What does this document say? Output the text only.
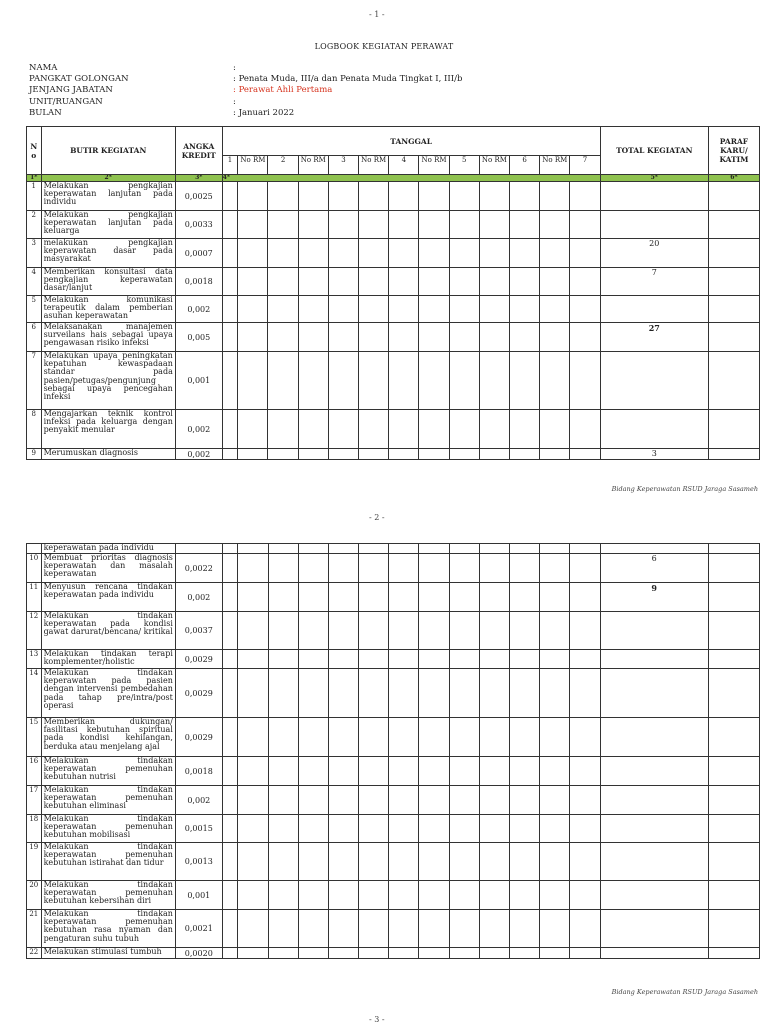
- 1 -
LOGBOOK KEGIATAN PERAWAT
NAMA	:
PANGKAT GOLONGAN	: Penata Muda, III/a dan Penata Muda Tingkat I, III/b
JENJANG JABATAN	: Perawat Ahli Pertama
UNIT/RUANGAN	:
BULAN	: Januari 2022
N o	BUTIR KEGIATAN	ANGKA KREDIT	TANGGAL													TOTAL KEGIATAN	PARAF KARU/ KATIM
			1	No RM	2	No RM	3	No RM	4	No RM	5	No RM	6	No RM	7		
1*	2*	3*	4*													5*	6*
1	Melakukan pengkajian keperawatan lanjutan pada individu	0,0025															
2	Melakukan pengkajian keperawatan lanjutan pada keluarga	0,0033															
3	melakukan pengkajian keperawatan dasar pada masyarakat	0,0007														20	
4	Memberikan konsultasi data pengkajian keperawatan dasar/lanjut	0,0018														7	
5	Melakukan komunikasi terapeutik dalam pemberian asuhan keperawatan	0,002															
6	Melaksanakan manajemen surveilans hais sebagai upaya pengawasan risiko infeksi	0,005														27	
7	Melakukan upaya peningkatan kepatuhan kewaspadaan standar pada pasien/petugas/pengunjung sebagai upaya pencegahan infeksi	0,001															
8	Mengajarkan teknik kontrol infeksi pada keluarga dengan penyakit menular	0,002															
9	Merumuskan diagnosis	0,002														3	
Bidang Keperawatan RSUD Jaraga Sasameh
- 2 -
	keperawatan pada individu																
10	Membuat prioritas diagnosis keperawatan dan masalah keperawatan	0,0022														6	
11	Menyusun rencana tindakan keperawatan pada individu	0,002														9	
12	Melakukan tindakan keperawatan pada kondisi gawat darurat/bencana/ kritikal	0,0037															
13	Melakukan tindakan terapi komplementer/holistic	0,0029															
14	Melakukan tindakan keperawatan pada pasien dengan intervensi pembedahan pada tahap pre/intra/post operasi	0,0029															
15	Memberikan dukungan/ fasilitasi kebutuhan spiritual pada kondisi kehilangan, berduka atau menjelang ajal	0,0029															
16	Melakukan tindakan keperawatan pemenuhan kebutuhan nutrisi	0,0018															
17	Melakukan tindakan keperawatan pemenuhan kebutuhan eliminasi	0,002															
18	Melakukan tindakan keperawatan pemenuhan kebutuhan mobilisasi	0,0015															
19	Melakukan tindakan keperawatan pemenuhan kebutuhan istirahat dan tidur	0,0013															
20	Melakukan tindakan keperawatan pemenuhan kebutuhan kebersihan diri	0,001															
21	Melakukan tindakan keperawatan pemenuhan kebutuhan rasa nyaman dan pengaturan suhu tubuh	0,0021															
22	Melakukan stimulasi tumbuh	0,0020															
Bidang Keperawatan RSUD Jaraga Sasameh
- 3 -
